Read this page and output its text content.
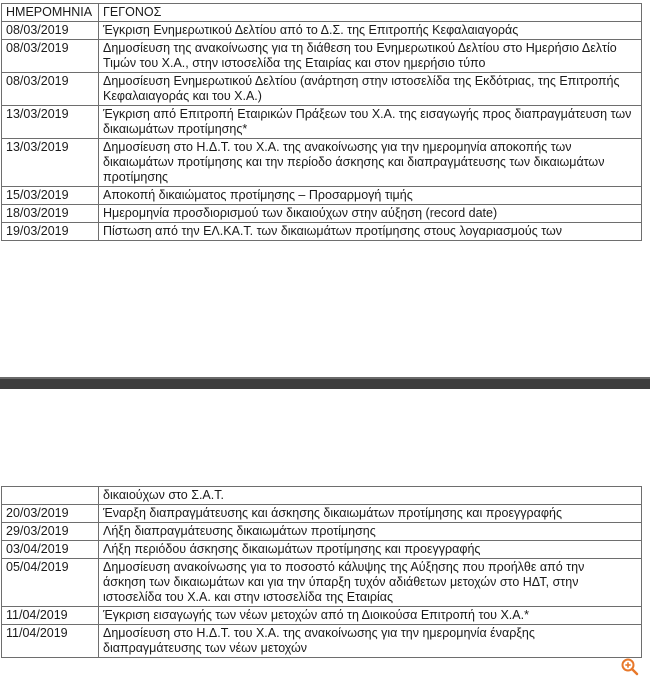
ΗΜΕΡΟΜΗΝΙΑ	ΓΕΓΟΝΟΣ
08/03/2019	Έγκριση Ενημερωτικού Δελτίου από το Δ.Σ. της Επιτροπής Κεφαλαιαγοράς

08/03/2019	Δημοσίευση της ανακοίνωσης για τη διάθεση του Ενημερωτικού Δελτίου στο Ημερήσιο Δελτίο
Τιμών του Χ.Α., στην ιστοσελίδα της Εταιρίας και στον ημερήσιο τύπο

08/03/2019	Δημοσίευση Ενημερωτικού Δελτίου (ανάρτηση στην ιστοσελίδα της Εκδότριας, της Επιτροπής
Κεφαλαιαγοράς και του Χ.Α.)

13/03/2019	Έγκριση από Επιτροπή Εταιρικών Πράξεων του Χ.Α. της εισαγωγής προς διαπραγμάτευση των
δικαιωμάτων προτίμησης*

13/03/2019	Δημοσίευση στο Η.Δ.Τ. του Χ.Α. της ανακοίνωσης για την ημερομηνία αποκοπής των
δικαιωμάτων προτίμησης και την περίοδο άσκησης και διαπραγμάτευσης των δικαιωμάτων
προτίμησης

15/03/2019	Αποκοπή δικαιώματος προτίμησης – Προσαρμογή τιμής

18/03/2019	Ημερομηνία προσδιορισμού των δικαιούχων στην αύξηση (record date)

19/03/2019	Πίστωση από την ΕΛ.ΚΑ.Τ. των δικαιωμάτων προτίμησης στους λογαριασμούς των

	δικαιούχων στο Σ.Α.Τ.

20/03/2019	Έναρξη διαπραγμάτευσης και άσκησης δικαιωμάτων προτίμησης και προεγγραφής

29/03/2019	Λήξη διαπραγμάτευσης δικαιωμάτων προτίμησης

03/04/2019	Λήξη περιόδου άσκησης δικαιωμάτων προτίμησης και προεγγραφής

05/04/2019	Δημοσίευση ανακοίνωσης για το ποσοστό κάλυψης της Αύξησης που προήλθε από την
άσκηση των δικαιωμάτων και για την ύπαρξη τυχόν αδιάθετων μετοχών στο ΗΔΤ, στην
ιστοσελίδα του Χ.Α. και στην ιστοσελίδα της Εταιρίας

11/04/2019	Έγκριση εισαγωγής των νέων μετοχών από τη Διοικούσα Επιτροπή του Χ.Α.*

11/04/2019	Δημοσίευση στο Η.Δ.Τ. του Χ.Α. της ανακοίνωσης για την ημερομηνία έναρξης
διαπραγμάτευσης των νέων μετοχών
